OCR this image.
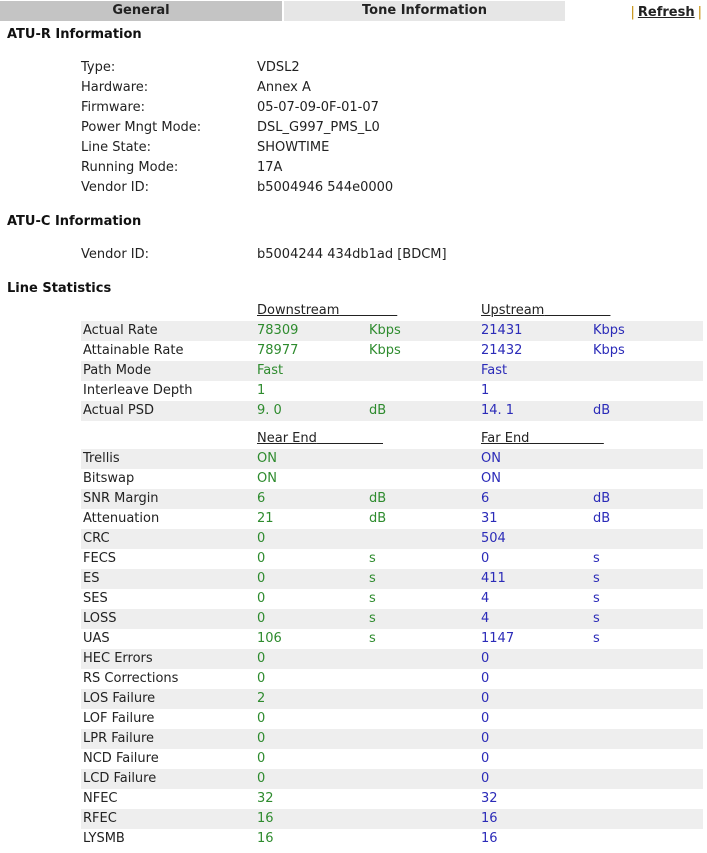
General	Tone Information	| Refresh |
ATU-R Information
Type:	VDSL2
Hardware:	Annex A
Firmware:	05-07-09-0F-01-07
Power Mngt Mode:	DSL_G997_PMS_L0
Line State:	SHOWTIME
Running Mode:	17A
Vendor ID:	b5004946 544e0000
ATU-C Information
Vendor ID:	b5004244 434db1ad [BDCM]
Line Statistics
Downstream	Upstream
Actual Rate	78309	Kbps	21431	Kbps
Attainable Rate	78977	Kbps	21432	Kbps
Path Mode	Fast	Fast
Interleave Depth	1	1
Actual PSD	9. 0	dB	14. 1	dB
Near End	Far End
Trellis	ON	ON
Bitswap	ON	ON
SNR Margin	6	dB	6	dB
Attenuation	21	dB	31	dB
CRC	0	504
FECS	0	s	0	s
ES	0	s	411	s
SES	0	s	4	s
LOSS	0	s	4	s
UAS	106	s	1147	s
HEC Errors	0	0
RS Corrections	0	0
LOS Failure	2	0
LOF Failure	0	0
LPR Failure	0	0
NCD Failure	0	0
LCD Failure	0	0
NFEC	32	32
RFEC	16	16
LYSMB	16	16
